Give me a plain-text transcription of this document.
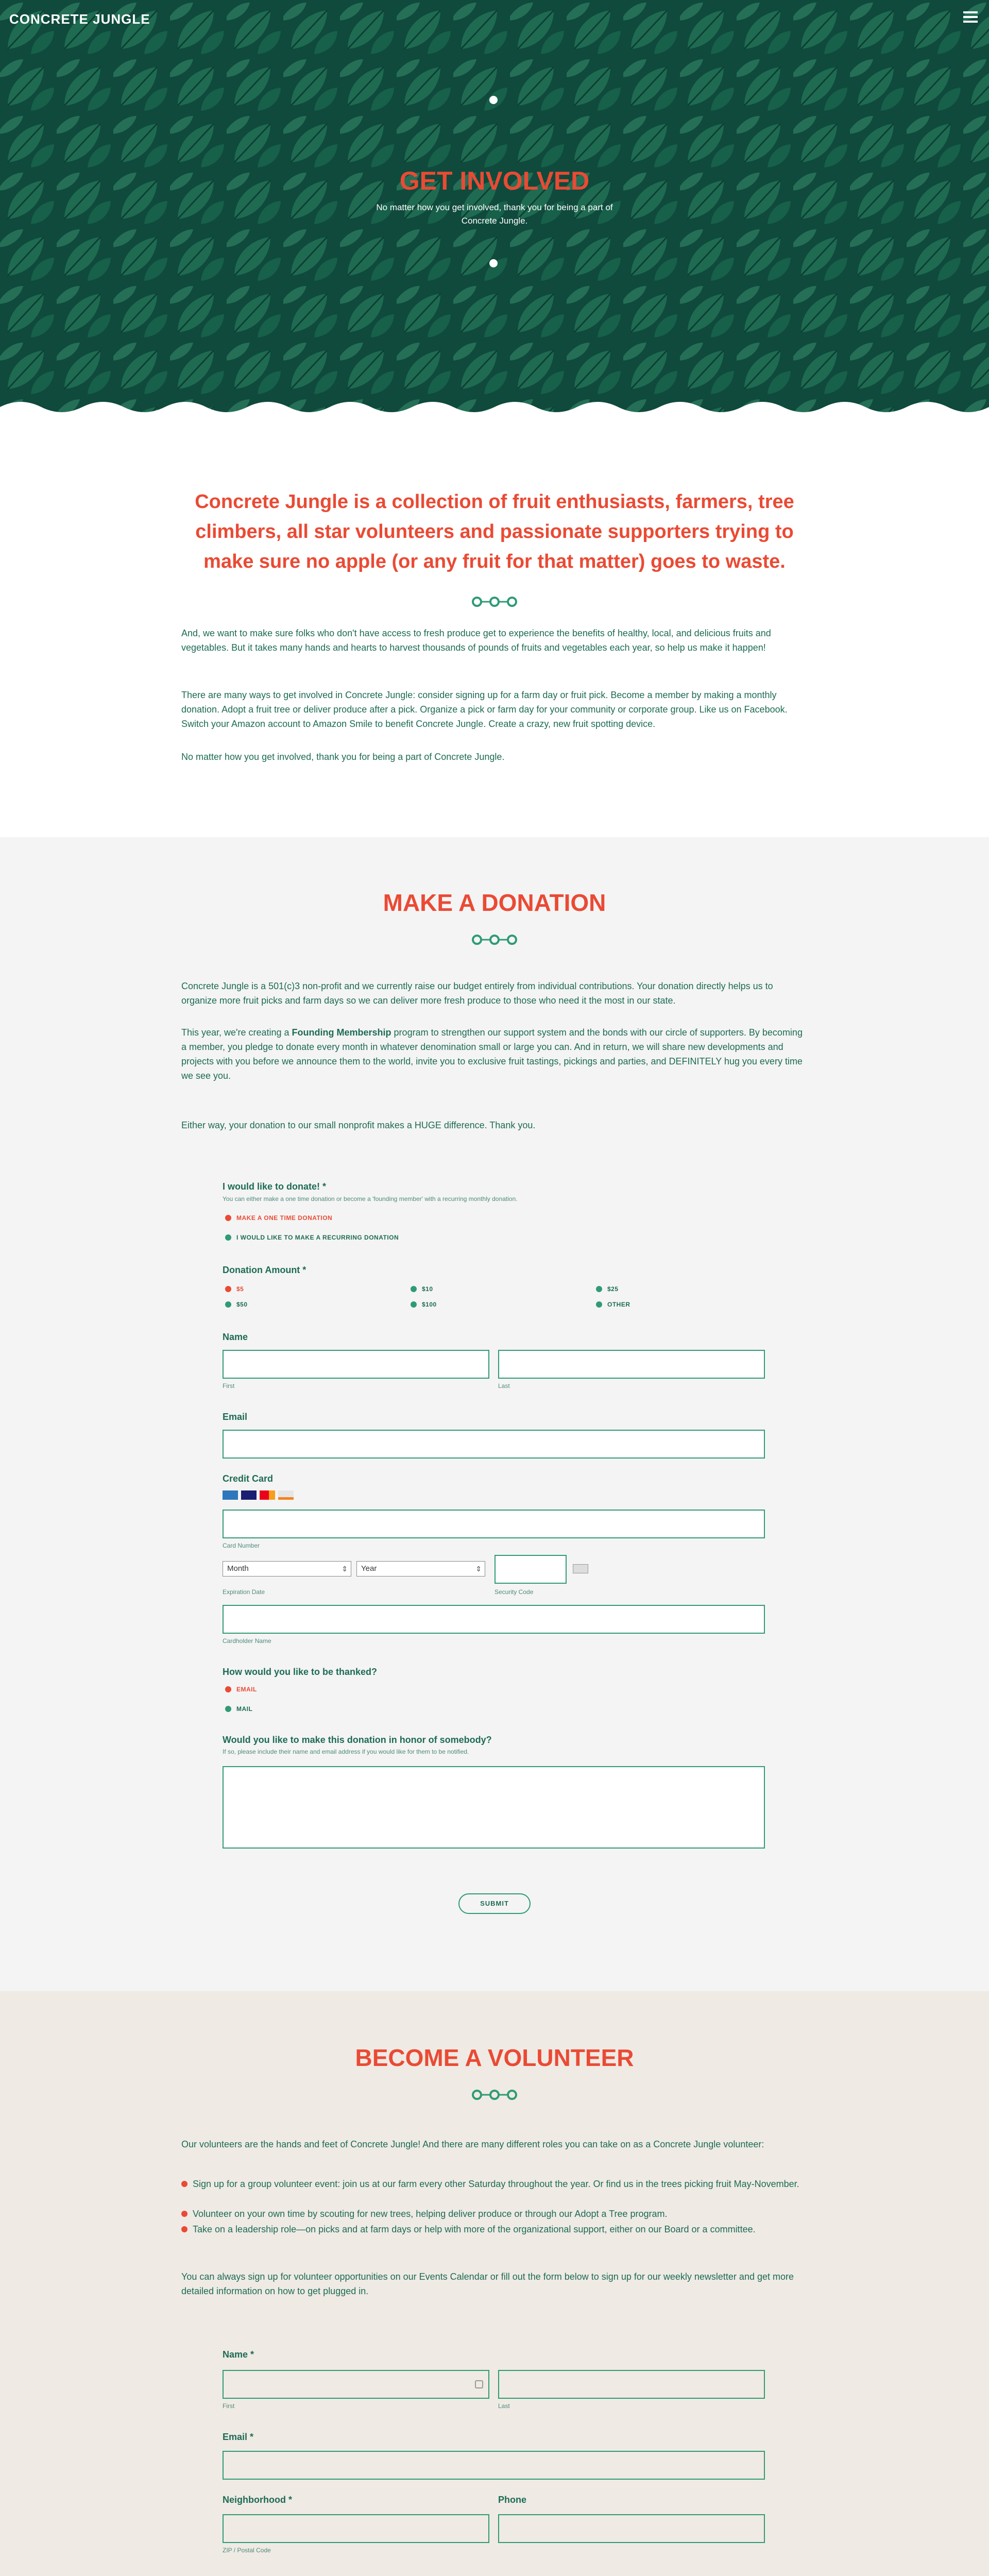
CONCRETE JUNGLE
GET INVOLVED
No matter how you get involved, thank you for being a part of Concrete Jungle.
Concrete Jungle is a collection of fruit enthusiasts, farmers, tree climbers, all star volunteers and passionate supporters trying to make sure no apple (or any fruit for that matter) goes to waste.
And, we want to make sure folks who don't have access to fresh produce get to experience the benefits of healthy, local, and delicious fruits and vegetables. But it takes many hands and hearts to harvest thousands of pounds of fruits and vegetables each year, so help us make it happen!
There are many ways to get involved in Concrete Jungle: consider signing up for a farm day or fruit pick. Become a member by making a monthly donation. Adopt a fruit tree or deliver produce after a pick. Organize a pick or farm day for your community or corporate group. Like us on Facebook. Switch your Amazon account to Amazon Smile to benefit Concrete Jungle. Create a crazy, new fruit spotting device.
No matter how you get involved, thank you for being a part of Concrete Jungle.
MAKE A DONATION
Concrete Jungle is a 501(c)3 non-profit and we currently raise our budget entirely from individual contributions. Your donation directly helps us to organize more fruit picks and farm days so we can deliver more fresh produce to those who need it the most in our state.
This year, we're creating a Founding Membership program to strengthen our support system and the bonds with our circle of supporters. By becoming a member, you pledge to donate every month in whatever denomination small or large you can. And in return, we will share new developments and projects with you before we announce them to the world, invite you to exclusive fruit tastings, pickings and parties, and DEFINITELY hug you every time we see you.
Either way, your donation to our small nonprofit makes a HUGE difference. Thank you.
I would like to donate! *
You can either make a one time donation or become a 'founding member' with a recurring monthly donation.
MAKE A ONE TIME DONATION
I WOULD LIKE TO MAKE A RECURRING DONATION
Donation Amount *
$5	$10	$25
$50	$100	OTHER
Name
First	Last
Email
Credit Card
Card Number
Month ⇕	Year ⇕
Expiration Date	Security Code
Cardholder Name
How would you like to be thanked?
EMAIL
MAIL
Would you like to make this donation in honor of somebody?
If so, please include their name and email address if you would like for them to be notified.
SUBMIT
BECOME A VOLUNTEER
Our volunteers are the hands and feet of Concrete Jungle! And there are many different roles you can take on as a Concrete Jungle volunteer:
Sign up for a group volunteer event: join us at our farm every other Saturday throughout the year. Or find us in the trees picking fruit May-November.
Volunteer on your own time by scouting for new trees, helping deliver produce or through our Adopt a Tree program.
Take on a leadership role—on picks and at farm days or help with more of the organizational support, either on our Board or a committee.
You can always sign up for volunteer opportunities on our Events Calendar or fill out the form below to sign up for our weekly newsletter and get more detailed information on how to get plugged in.
Name *
First	Last
Email *
Neighborhood *
ZIP / Postal Code
Phone
